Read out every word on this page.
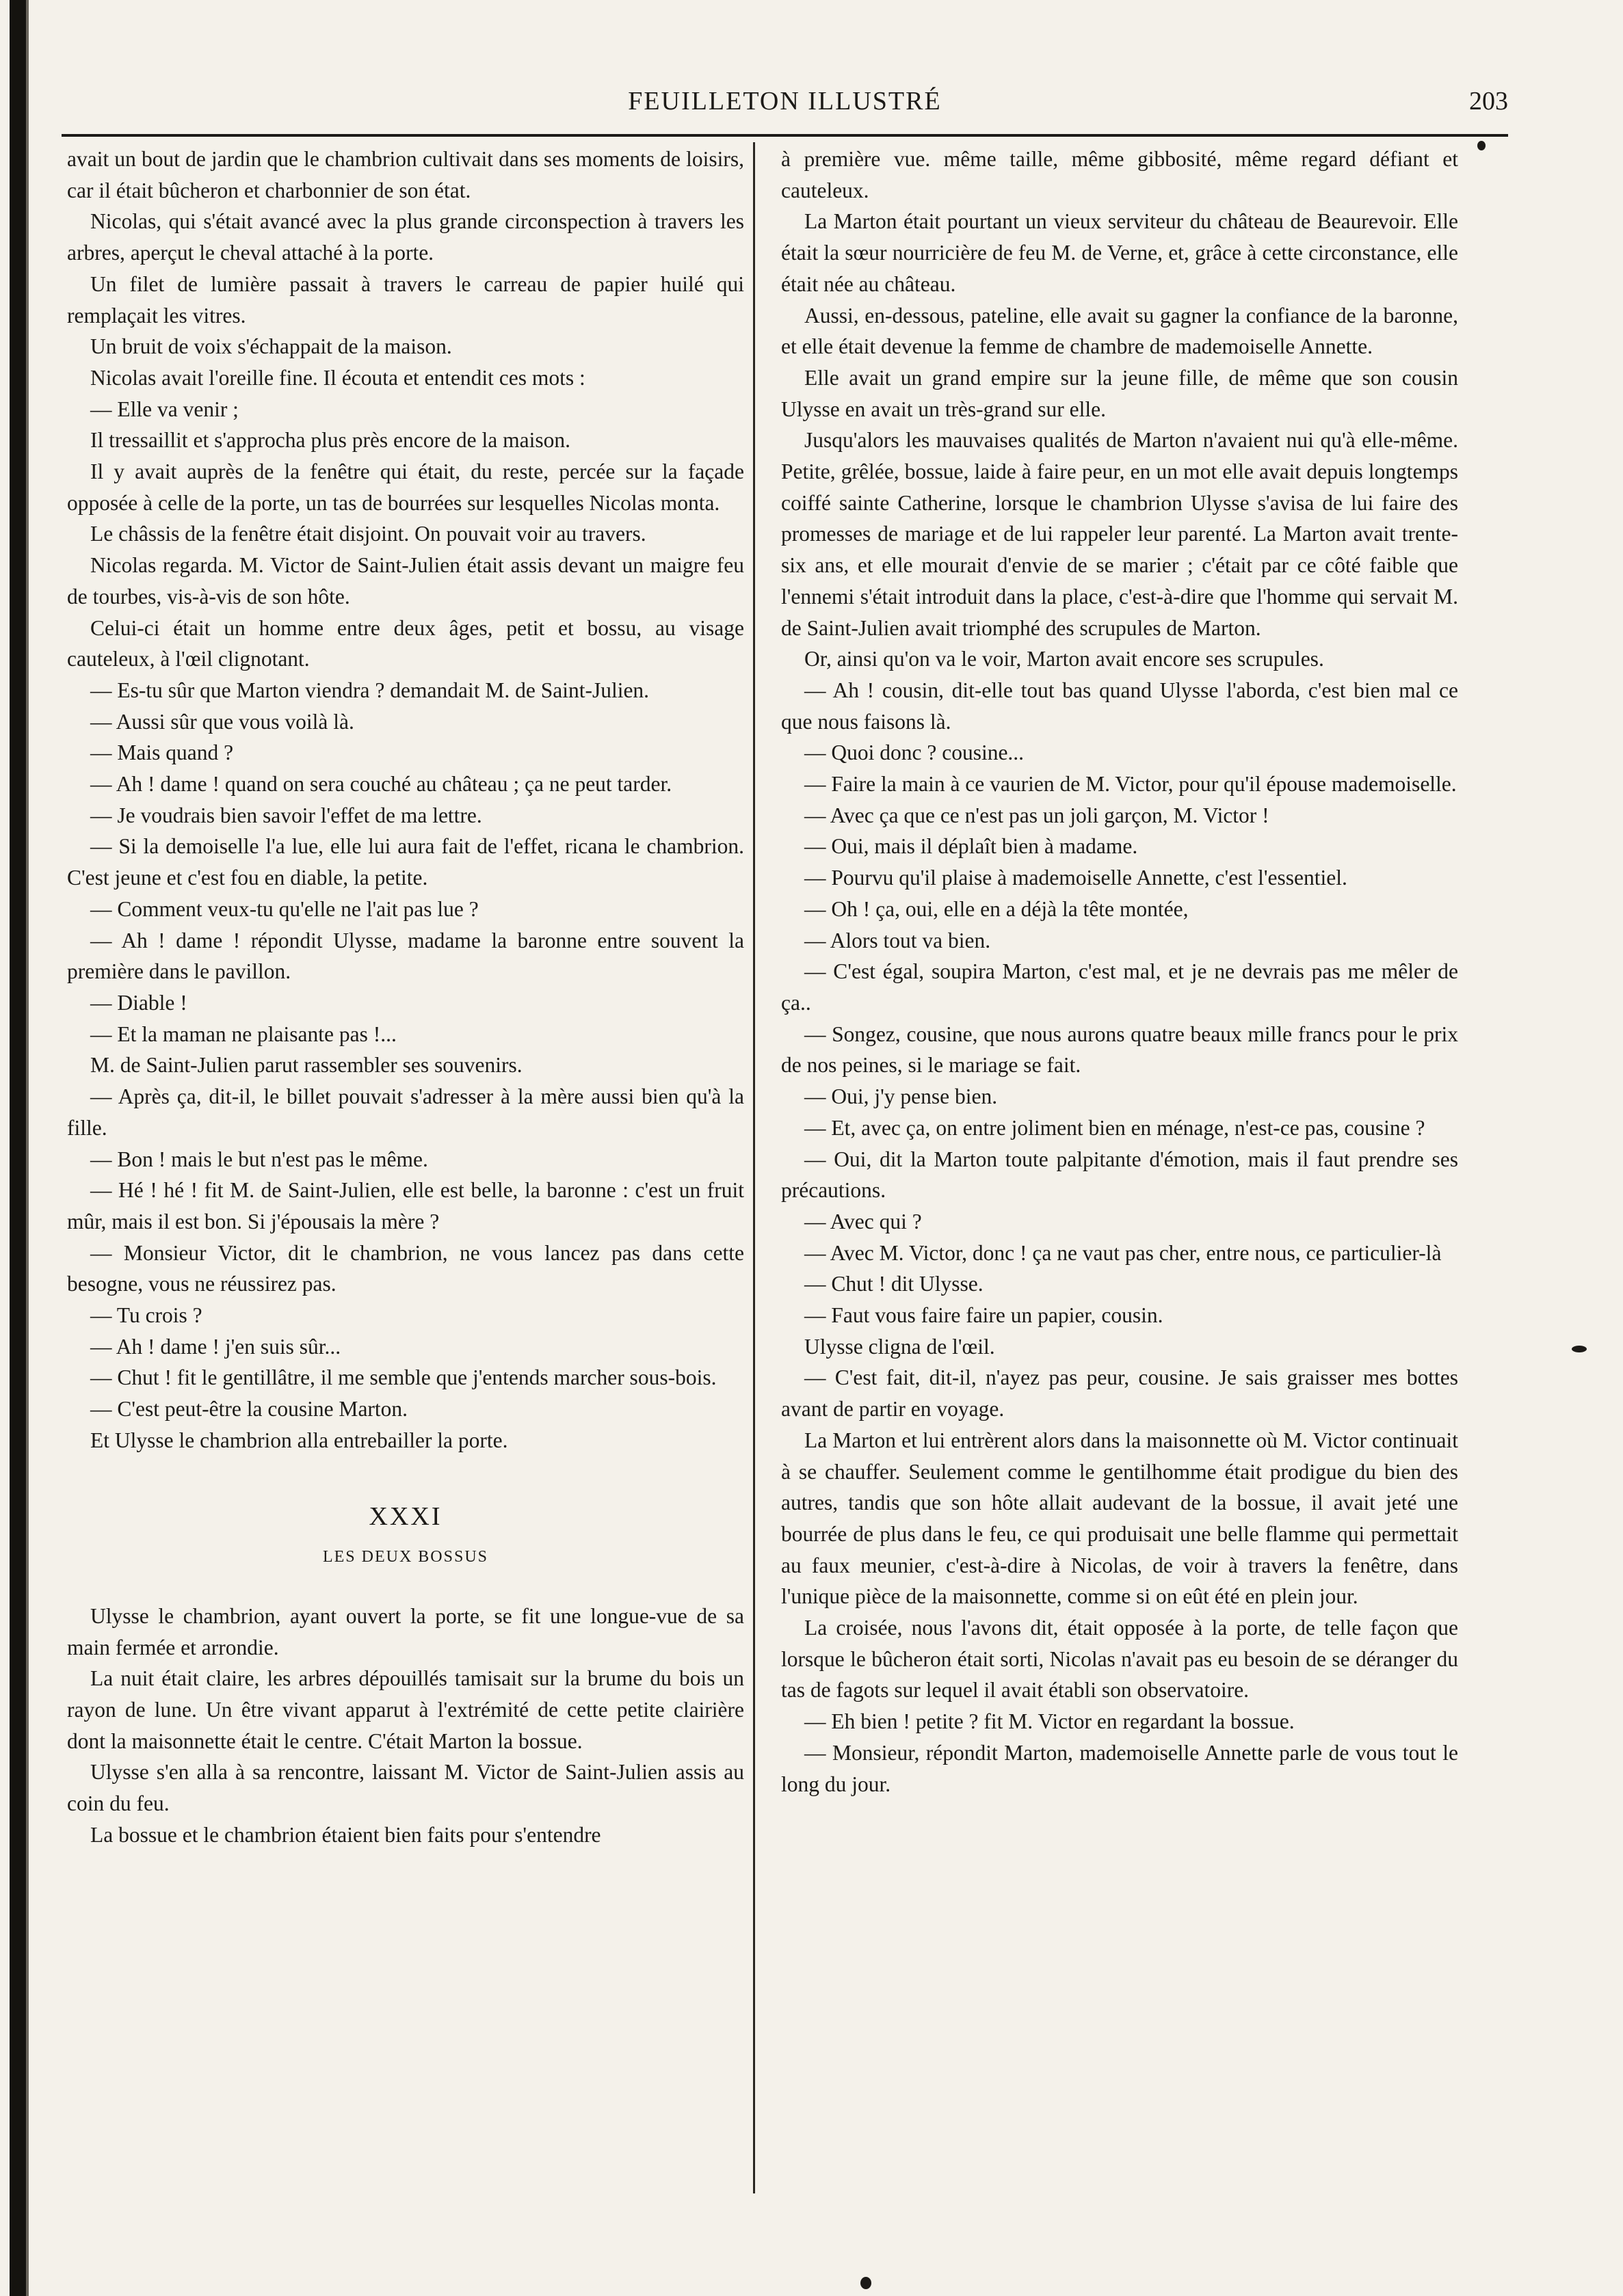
FEUILLETON ILLUSTRÉ	203

avait un bout de jardin que le chambrion cultivait dans ses moments de loisirs, car il était bûcheron et charbonnier de son état.

Nicolas, qui s'était avancé avec la plus grande circonspection à travers les arbres, aperçut le cheval attaché à la porte.

Un filet de lumière passait à travers le carreau de papier huilé qui remplaçait les vitres.

Un bruit de voix s'échappait de la maison.

Nicolas avait l'oreille fine. Il écouta et entendit ces mots :

— Elle va venir ;

Il tressaillit et s'approcha plus près encore de la maison.

Il y avait auprès de la fenêtre qui était, du reste, percée sur la façade opposée à celle de la porte, un tas de bourrées sur lesquelles Nicolas monta.

Le châssis de la fenêtre était disjoint. On pouvait voir au travers.

Nicolas regarda. M. Victor de Saint-Julien était assis devant un maigre feu de tourbes, vis-à-vis de son hôte.

Celui-ci était un homme entre deux âges, petit et bossu, au visage cauteleux, à l'œil clignotant.

— Es-tu sûr que Marton viendra ? demandait M. de Saint-Julien.

— Aussi sûr que vous voilà là.

— Mais quand ?

— Ah ! dame ! quand on sera couché au château ; ça ne peut tarder.

— Je voudrais bien savoir l'effet de ma lettre.

— Si la demoiselle l'a lue, elle lui aura fait de l'effet, ricana le chambrion. C'est jeune et c'est fou en diable, la petite.

— Comment veux-tu qu'elle ne l'ait pas lue ?

— Ah ! dame ! répondit Ulysse, madame la baronne entre souvent la première dans le pavillon.

— Diable !

— Et la maman ne plaisante pas !...

M. de Saint-Julien parut rassembler ses souvenirs.

— Après ça, dit-il, le billet pouvait s'adresser à la mère aussi bien qu'à la fille.

— Bon ! mais le but n'est pas le même.

— Hé ! hé ! fit M. de Saint-Julien, elle est belle, la baronne : c'est un fruit mûr, mais il est bon. Si j'épousais la mère ?

— Monsieur Victor, dit le chambrion, ne vous lancez pas dans cette besogne, vous ne réussirez pas.

— Tu crois ?

— Ah ! dame ! j'en suis sûr...

— Chut ! fit le gentillâtre, il me semble que j'entends marcher sous-bois.

— C'est peut-être la cousine Marton.

Et Ulysse le chambrion alla entrebailler la porte.

XXXI
LES DEUX BOSSUS

Ulysse le chambrion, ayant ouvert la porte, se fit une longue-vue de sa main fermée et arrondie.

La nuit était claire, les arbres dépouillés tamisait sur la brume du bois un rayon de lune. Un être vivant apparut à l'extrémité de cette petite clairière dont la maisonnette était le centre. C'était Marton la bossue.

Ulysse s'en alla à sa rencontre, laissant M. Victor de Saint-Julien assis au coin du feu.

La bossue et le chambrion étaient bien faits pour s'entendre

à première vue. même taille, même gibbosité, même regard défiant et cauteleux.

La Marton était pourtant un vieux serviteur du château de Beaurevoir. Elle était la sœur nourricière de feu M. de Verne, et, grâce à cette circonstance, elle était née au château.

Aussi, en-dessous, pateline, elle avait su gagner la confiance de la baronne, et elle était devenue la femme de chambre de mademoiselle Annette.

Elle avait un grand empire sur la jeune fille, de même que son cousin Ulysse en avait un très-grand sur elle.

Jusqu'alors les mauvaises qualités de Marton n'avaient nui qu'à elle-même. Petite, grêlée, bossue, laide à faire peur, en un mot elle avait depuis longtemps coiffé sainte Catherine, lorsque le chambrion Ulysse s'avisa de lui faire des promesses de mariage et de lui rappeler leur parenté. La Marton avait trente-six ans, et elle mourait d'envie de se marier ; c'était par ce côté faible que l'ennemi s'était introduit dans la place, c'est-à-dire que l'homme qui servait M. de Saint-Julien avait triomphé des scrupules de Marton.

Or, ainsi qu'on va le voir, Marton avait encore ses scrupules.

— Ah ! cousin, dit-elle tout bas quand Ulysse l'aborda, c'est bien mal ce que nous faisons là.

— Quoi donc ? cousine...

— Faire la main à ce vaurien de M. Victor, pour qu'il épouse mademoiselle.

— Avec ça que ce n'est pas un joli garçon, M. Victor !

— Oui, mais il déplaît bien à madame.

— Pourvu qu'il plaise à mademoiselle Annette, c'est l'essentiel.

— Oh ! ça, oui, elle en a déjà la tête montée,

— Alors tout va bien.

— C'est égal, soupira Marton, c'est mal, et je ne devrais pas me mêler de ça..

— Songez, cousine, que nous aurons quatre beaux mille francs pour le prix de nos peines, si le mariage se fait.

— Oui, j'y pense bien.

— Et, avec ça, on entre joliment bien en ménage, n'est-ce pas, cousine ?

— Oui, dit la Marton toute palpitante d'émotion, mais il faut prendre ses précautions.

— Avec qui ?

— Avec M. Victor, donc ! ça ne vaut pas cher, entre nous, ce particulier-là

— Chut ! dit Ulysse.

— Faut vous faire faire un papier, cousin.

Ulysse cligna de l'œil.

— C'est fait, dit-il, n'ayez pas peur, cousine. Je sais graisser mes bottes avant de partir en voyage.

La Marton et lui entrèrent alors dans la maisonnette où M. Victor continuait à se chauffer. Seulement comme le gentilhomme était prodigue du bien des autres, tandis que son hôte allait audevant de la bossue, il avait jeté une bourrée de plus dans le feu, ce qui produisait une belle flamme qui permettait au faux meunier, c'est-à-dire à Nicolas, de voir à travers la fenêtre, dans l'unique pièce de la maisonnette, comme si on eût été en plein jour.

La croisée, nous l'avons dit, était opposée à la porte, de telle façon que lorsque le bûcheron était sorti, Nicolas n'avait pas eu besoin de se déranger du tas de fagots sur lequel il avait établi son observatoire.

— Eh bien ! petite ? fit M. Victor en regardant la bossue.

— Monsieur, répondit Marton, mademoiselle Annette parle de vous tout le long du jour.
